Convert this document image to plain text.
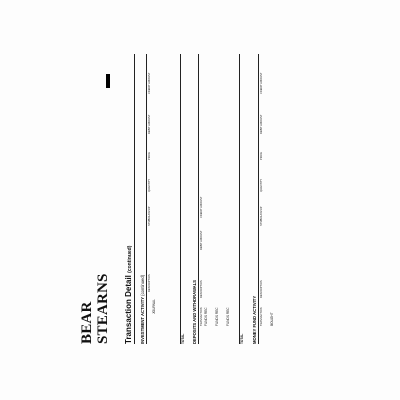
BEAR STEARNS Transaction Detail (continued)
INVESTMENT ACTIVITY (continued) DESCRIPTION
SYMBOL/CUSIP
QUANTITY
PRICE
DEBIT AMOUNT
CREDIT AMOUNT
JOURNAL
TOTAL DEPOSITS AND WITHDRAWALS TRANSACTION
DESCRIPTION
DEBIT AMOUNT
CREDIT AMOUNT
FUNDS REC FUNDS REC FUNDS REC
TOTAL MONEY FUND ACTIVITY TRANSACTION
DESCRIPTION
SYMBOL/CUSIP
QUANTITY
PRICE
DEBIT AMOUNT
CREDIT AMOUNT
BOUGHT
